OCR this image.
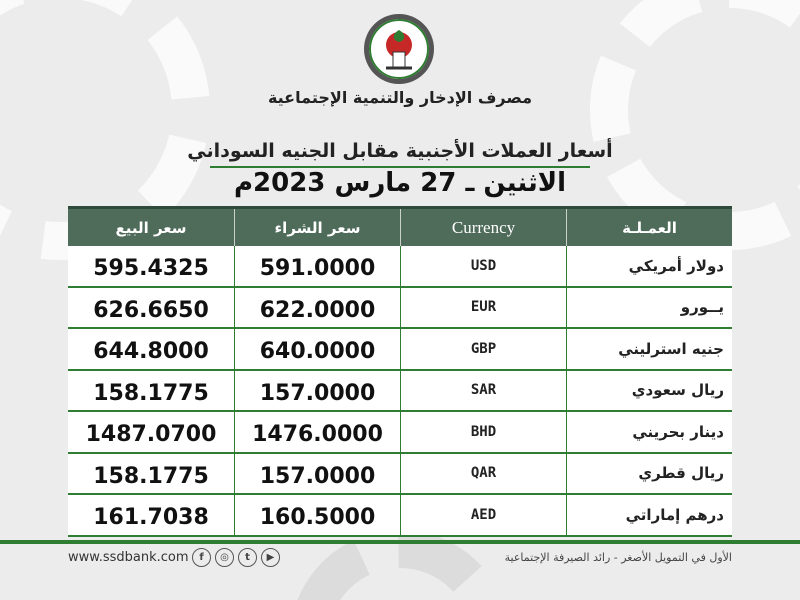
مصرف الإدخار والتنمية الإجتماعية
أسعار العملات الأجنبية مقابل الجنيه السوداني
الاثنين ـ 27 مارس 2023م
سعر البيع	سعر الشراء	Currency	العمـلـة
595.4325	591.0000	USD	دولار أمريكي
626.6650	622.0000	EUR	يــورو
644.8000	640.0000	GBP	جنيه استرليني
158.1775	157.0000	SAR	ريال سعودي
1487.0700	1476.0000	BHD	دينار بحريني
158.1775	157.0000	QAR	ريال قطري
161.7038	160.5000	AED	درهم إماراتي
www.ssdbank.com	f	◎	t	▶	الأول في التمويل الأصغر - رائد الصيرفة الإجتماعية
